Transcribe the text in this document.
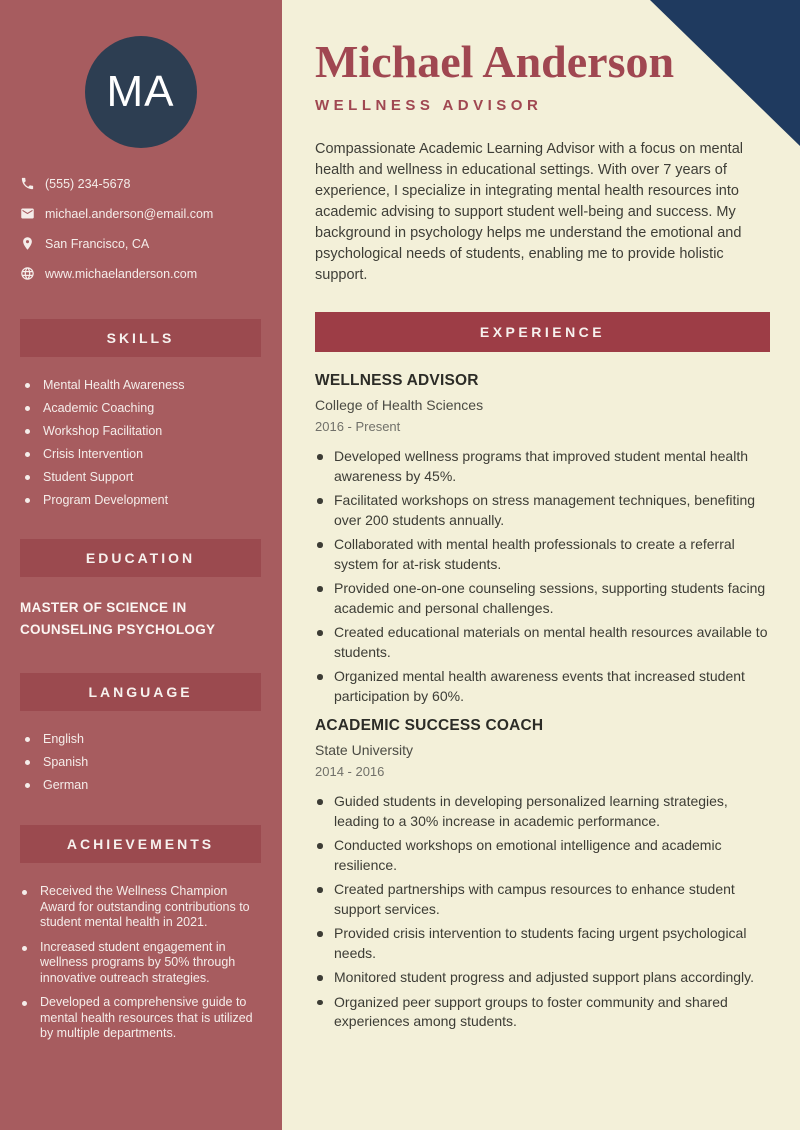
MA
(555) 234-5678
michael.anderson@email.com
San Francisco, CA
www.michaelanderson.com
SKILLS
Mental Health Awareness
Academic Coaching
Workshop Facilitation
Crisis Intervention
Student Support
Program Development
EDUCATION
MASTER OF SCIENCE IN COUNSELING PSYCHOLOGY
LANGUAGE
English
Spanish
German
ACHIEVEMENTS
Received the Wellness Champion Award for outstanding contributions to student mental health in 2021.
Increased student engagement in wellness programs by 50% through innovative outreach strategies.
Developed a comprehensive guide to mental health resources that is utilized by multiple departments.
Michael Anderson
WELLNESS ADVISOR

Compassionate Academic Learning Advisor with a focus on mental health and wellness in educational settings. With over 7 years of experience, I specialize in integrating mental health resources into academic advising to support student well-being and success. My background in psychology helps me understand the emotional and psychological needs of students, enabling me to provide holistic support.

EXPERIENCE
WELLNESS ADVISOR
College of Health Sciences
2016 - Present
Developed wellness programs that improved student mental health awareness by 45%.
Facilitated workshops on stress management techniques, benefiting over 200 students annually.
Collaborated with mental health professionals to create a referral system for at-risk students.
Provided one-on-one counseling sessions, supporting students facing academic and personal challenges.
Created educational materials on mental health resources available to students.
Organized mental health awareness events that increased student participation by 60%.
ACADEMIC SUCCESS COACH
State University
2014 - 2016
Guided students in developing personalized learning strategies, leading to a 30% increase in academic performance.
Conducted workshops on emotional intelligence and academic resilience.
Created partnerships with campus resources to enhance student support services.
Provided crisis intervention to students facing urgent psychological needs.
Monitored student progress and adjusted support plans accordingly.
Organized peer support groups to foster community and shared experiences among students.
